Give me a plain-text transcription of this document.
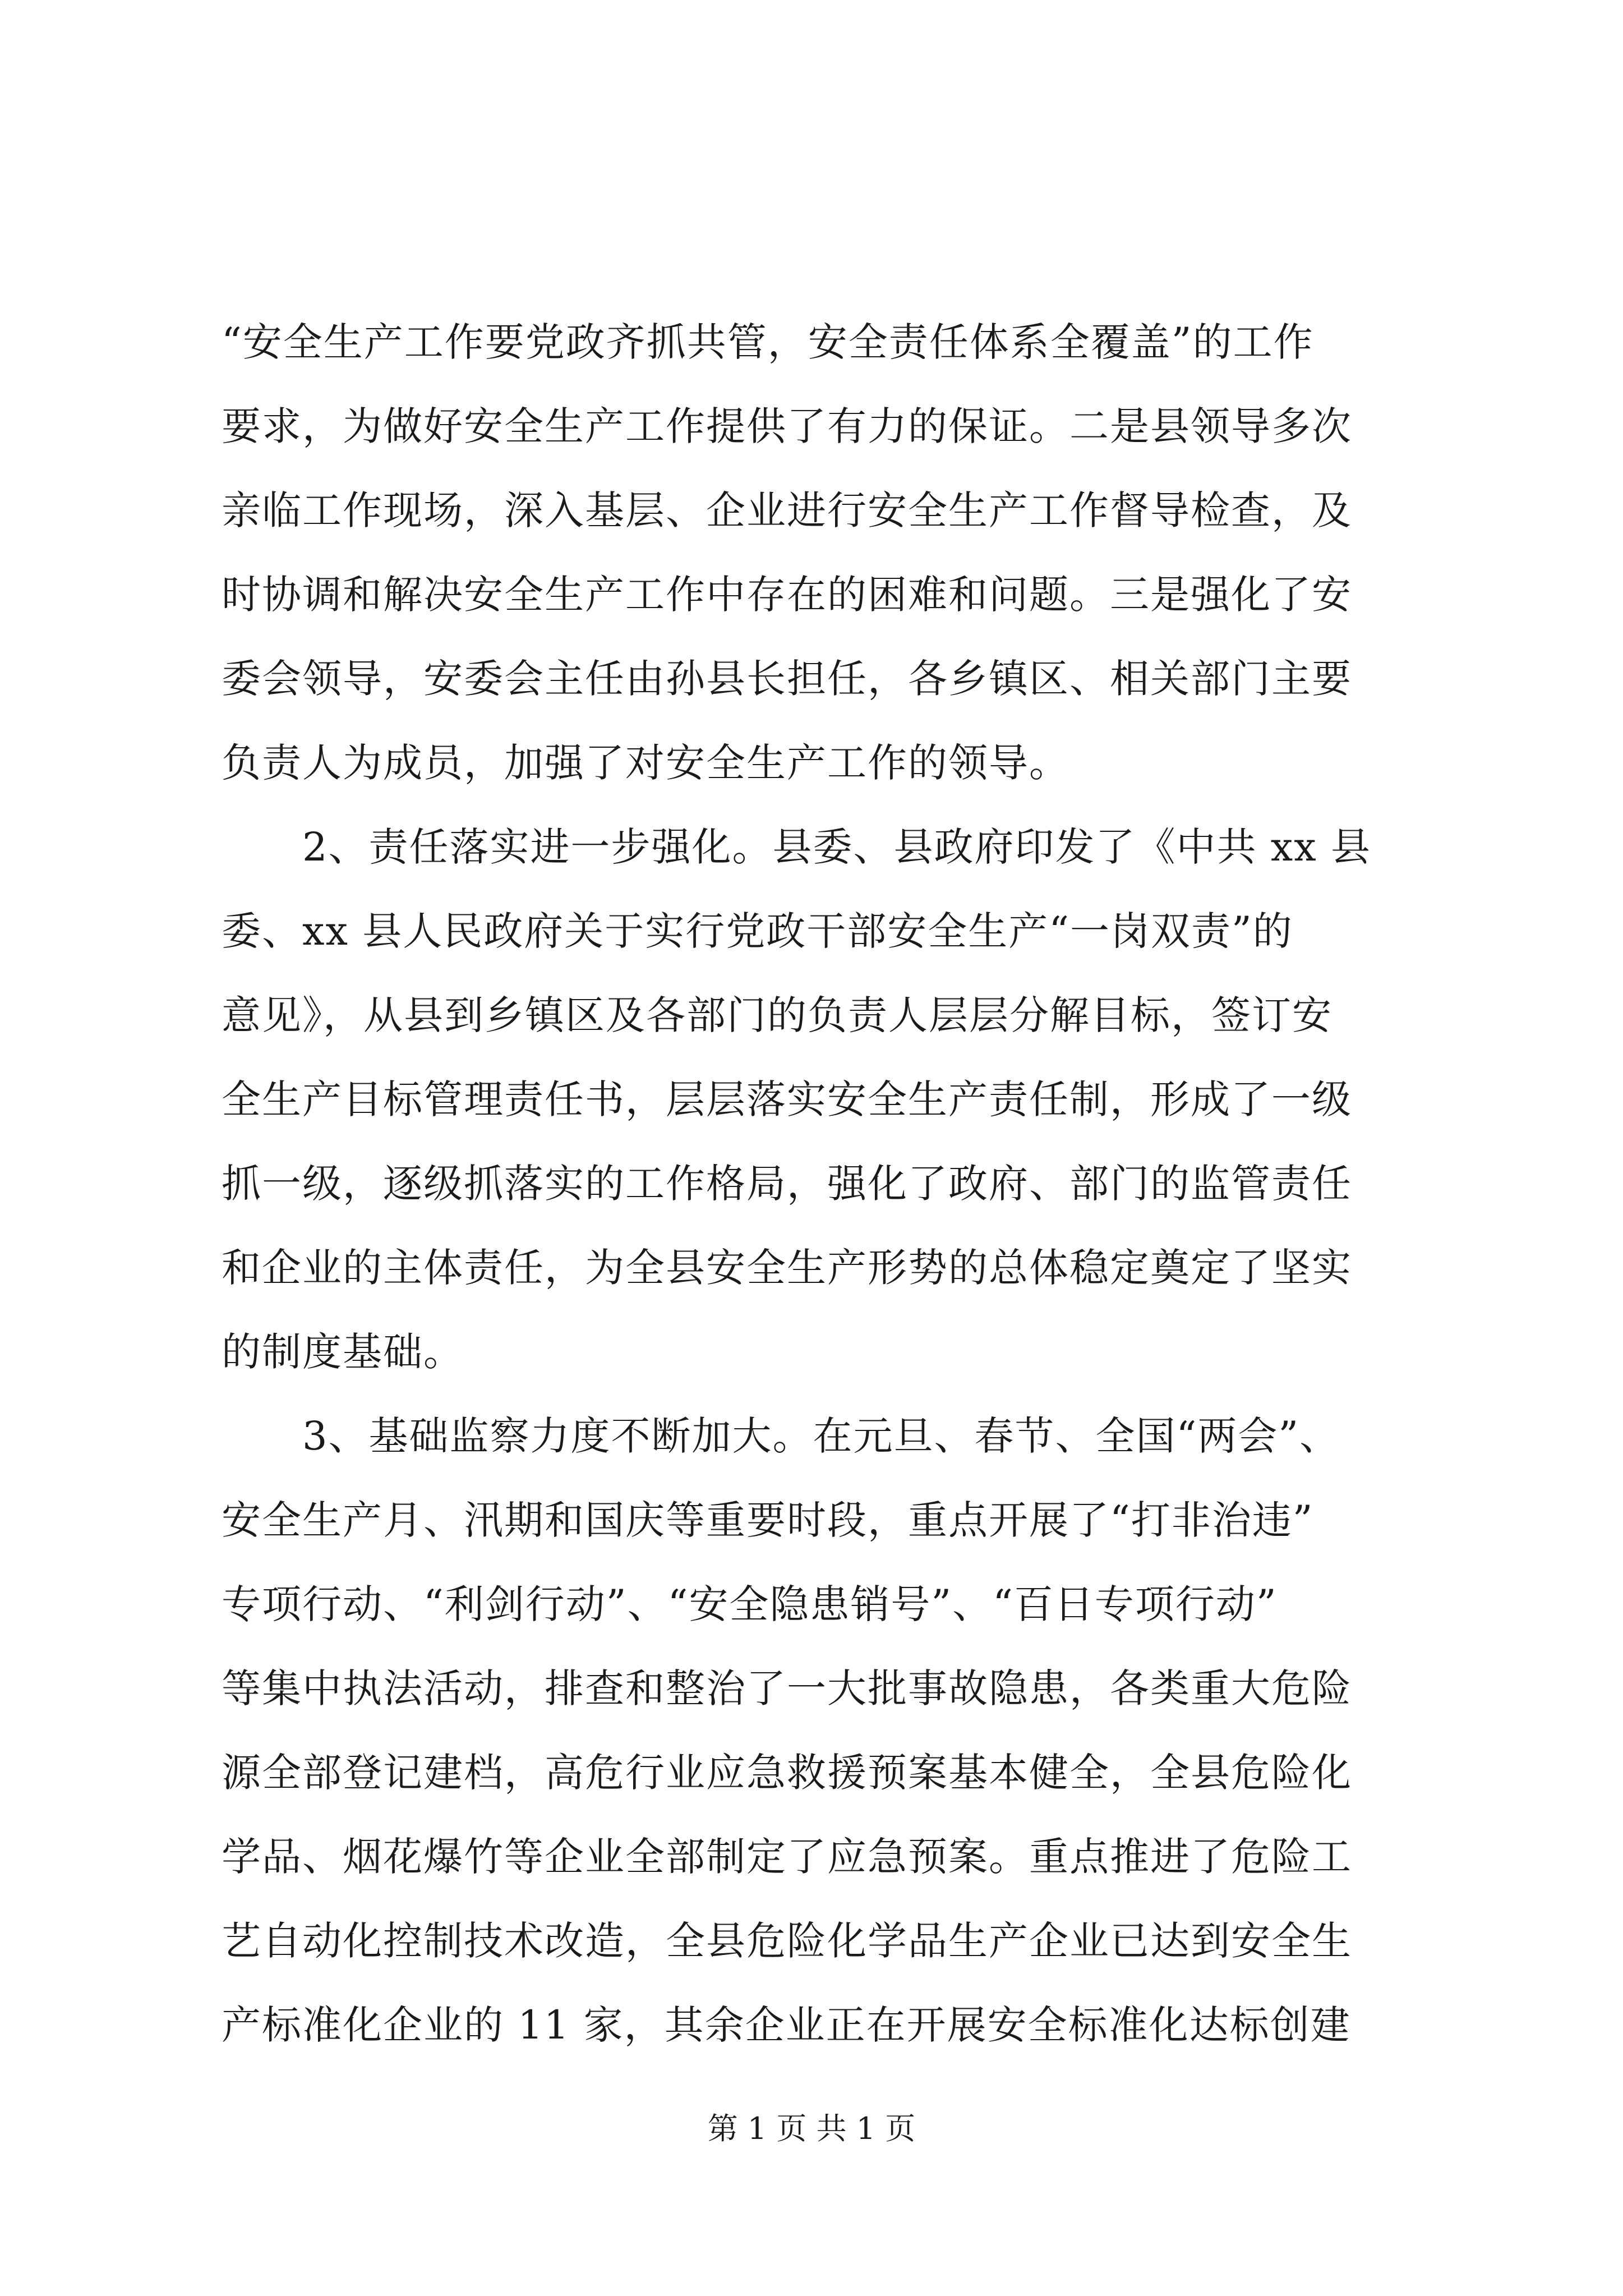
“安全生产工作要党政齐抓共管，安全责任体系全覆盖”的工作
要求，为做好安全生产工作提供了有力的保证。二是县领导多次
亲临工作现场，深入基层、企业进行安全生产工作督导检查，及
时协调和解决安全生产工作中存在的困难和问题。三是强化了安
委会领导，安委会主任由孙县长担任，各乡镇区、相关部门主要
负责人为成员，加强了对安全生产工作的领导。
　　2、责任落实进一步强化。县委、县政府印发了《中共 xx 县
委、xx 县人民政府关于实行党政干部安全生产“一岗双责”的
意见》，从县到乡镇区及各部门的负责人层层分解目标，签订安
全生产目标管理责任书，层层落实安全生产责任制，形成了一级
抓一级，逐级抓落实的工作格局，强化了政府、部门的监管责任
和企业的主体责任，为全县安全生产形势的总体稳定奠定了坚实
的制度基础。
　　3、基础监察力度不断加大。在元旦、春节、全国“两会”、
安全生产月、汛期和国庆等重要时段，重点开展了“打非治违”
专项行动、“利剑行动”、“安全隐患销号”、“百日专项行动”
等集中执法活动，排查和整治了一大批事故隐患，各类重大危险
源全部登记建档，高危行业应急救援预案基本健全，全县危险化
学品、烟花爆竹等企业全部制定了应急预案。重点推进了危险工
艺自动化控制技术改造，全县危险化学品生产企业已达到安全生
产标准化企业的 11 家，其余企业正在开展安全标准化达标创建
第 1 页 共 1 页
